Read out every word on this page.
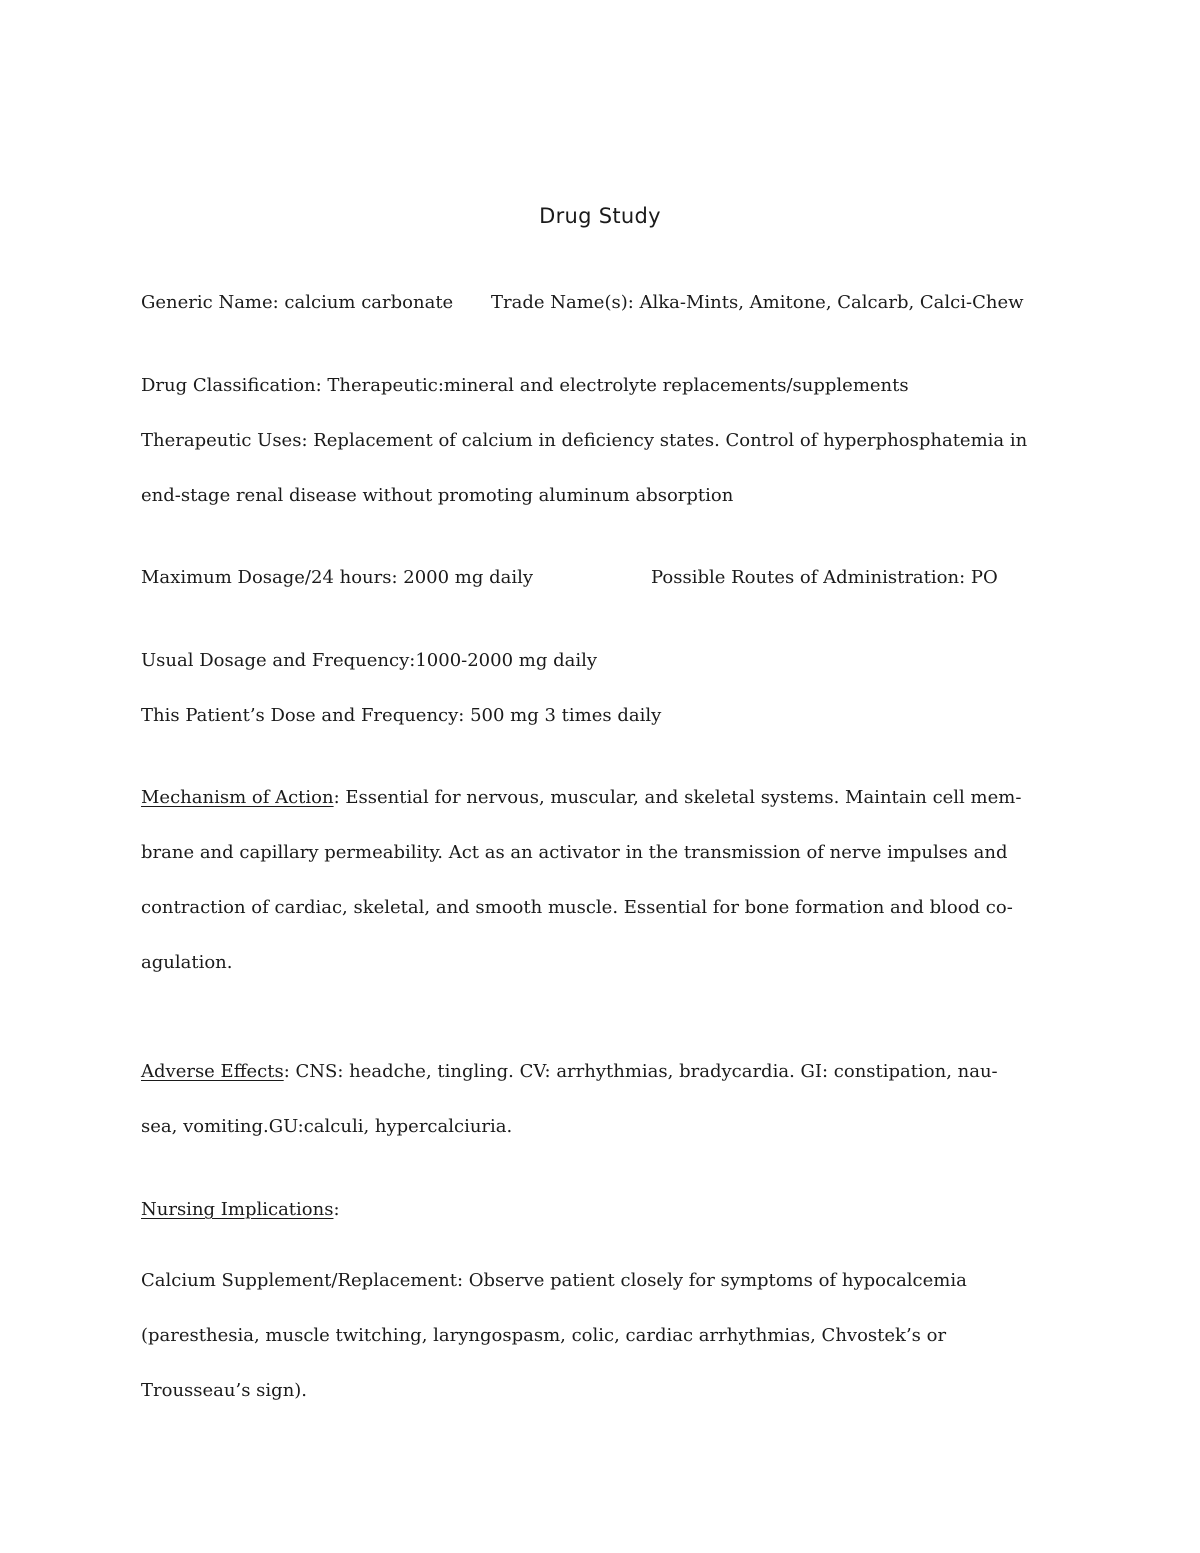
Drug Study

Generic Name: calcium carbonate Trade Name(s): Alka-Mints, Amitone, Calcarb, Calci-Chew

Drug Classification: Therapeutic:mineral and electrolyte replacements/supplements

Therapeutic Uses: Replacement of calcium in deficiency states. Control of hyperphosphatemia in

end-stage renal disease without promoting aluminum absorption

Maximum Dosage/24 hours: 2000 mg daily	Possible Routes of Administration: PO

Usual Dosage and Frequency:1000-2000 mg daily

This Patient’s Dose and Frequency: 500 mg 3 times daily

Mechanism of Action: Essential for nervous, muscular, and skeletal systems. Maintain cell mem-

brane and capillary permeability. Act as an activator in the transmission of nerve impulses and

contraction of cardiac, skeletal, and smooth muscle. Essential for bone formation and blood co-

agulation.

Adverse Effects: CNS: headche, tingling. CV: arrhythmias, bradycardia. GI: constipation, nau-

sea, vomiting.GU:calculi, hypercalciuria.

Nursing Implications:

Calcium Supplement/Replacement: Observe patient closely for symptoms of hypocalcemia

(paresthesia, muscle twitching, laryngospasm, colic, cardiac arrhythmias, Chvostek’s or

Trousseau’s sign).
